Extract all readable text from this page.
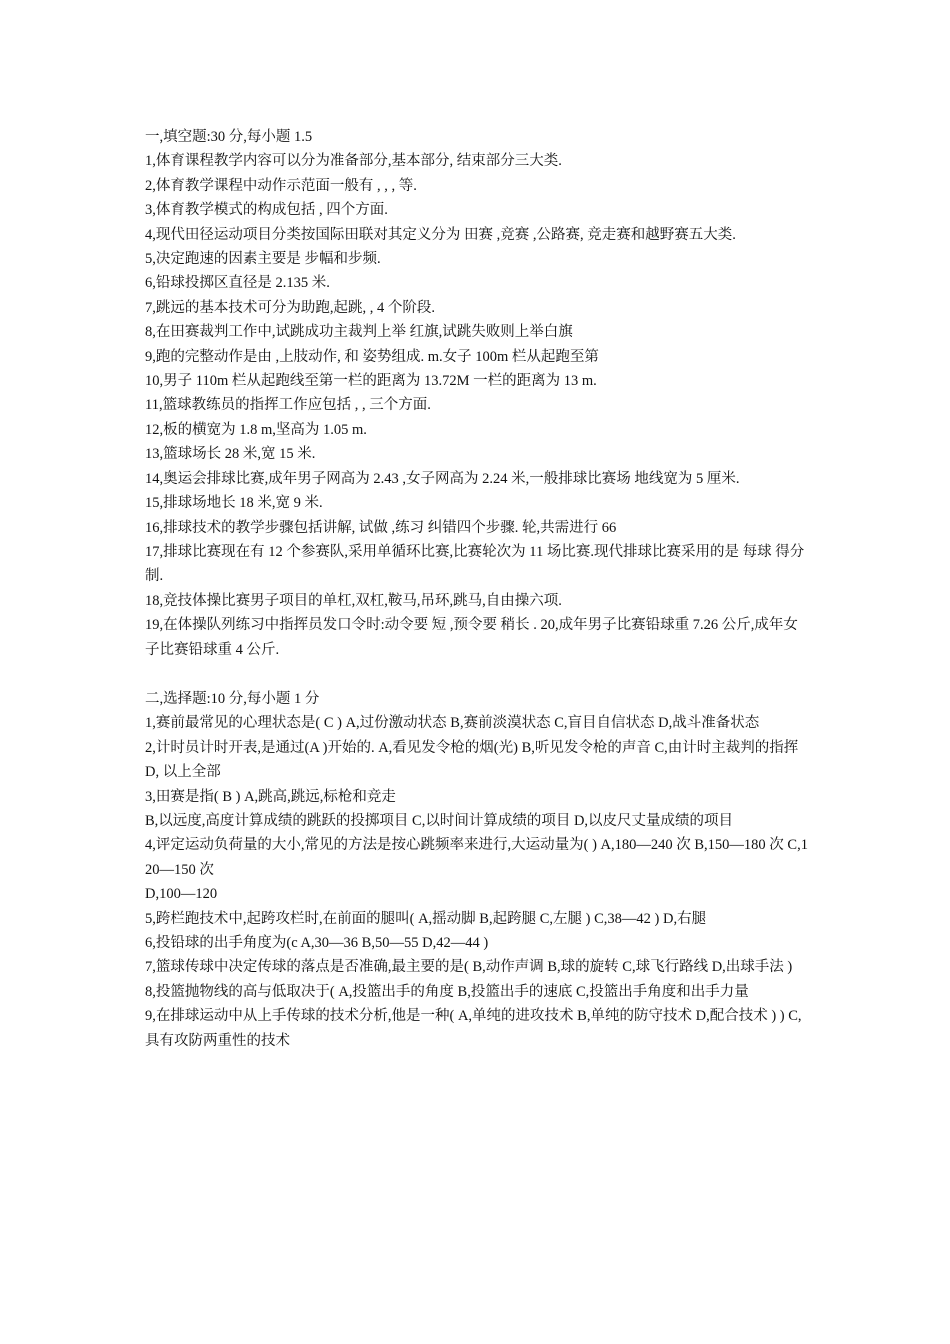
一,填空题:30 分,每小题 1.5
1,体育课程教学内容可以分为准备部分,基本部分, 结束部分三大类.
2,体育教学课程中动作示范面一般有 , , , 等.
3,体育教学模式的构成包括 , 四个方面.
4,现代田径运动项目分类按国际田联对其定义分为 田赛 ,竞赛 ,公路赛, 竞走赛和越野赛五大类.
5,决定跑速的因素主要是 步幅和步频.
6,铅球投掷区直径是 2.135 米.
7,跳远的基本技术可分为助跑,起跳, , 4 个阶段.
8,在田赛裁判工作中,试跳成功主裁判上举 红旗,试跳失败则上举白旗
9,跑的完整动作是由 ,上肢动作, 和 姿势组成. m.女子 100m 栏从起跑至第
10,男子 110m 栏从起跑线至第一栏的距离为 13.72M 一栏的距离为 13 m.
11,篮球教练员的指挥工作应包括 , , 三个方面.
12,板的横宽为 1.8 m,坚高为 1.05 m.
13,篮球场长 28 米,宽 15 米.
14,奥运会排球比赛,成年男子网高为 2.43 ,女子网高为 2.24 米,一般排球比赛场 地线宽为 5 厘米.
15,排球场地长 18 米,宽 9 米.
16,排球技术的教学步骤包括讲解, 试做 ,练习 纠错四个步骤. 轮,共需进行 66
17,排球比赛现在有 12 个参赛队,采用单循环比赛,比赛轮次为 11 场比赛.现代排球比赛采用的是 每球 得分制.
18,竞技体操比赛男子项目的单杠,双杠,鞍马,吊环,跳马,自由操六项.
19,在体操队列练习中指挥员发口令时:动令要 短 ,预令要 稍长 . 20,成年男子比赛铅球重 7.26 公斤,成年女子比赛铅球重 4 公斤.
二,选择题:10 分,每小题 1 分
1,赛前最常见的心理状态是( C ) A,过份激动状态 B,赛前淡漠状态 C,盲目自信状态 D,战斗准备状态
2,计时员计时开表,是通过(A )开始的. A,看见发令枪的烟(光) B,听见发令枪的声音 C,由计时主裁判的指挥 D, 以上全部
3,田赛是指( B ) A,跳高,跳远,标枪和竞走
B,以远度,高度计算成绩的跳跃的投掷项目 C,以时间计算成绩的项目 D,以皮尺丈量成绩的项目
4,评定运动负荷量的大小,常见的方法是按心跳频率来进行,大运动量为( ) A,180—240 次 B,150—180 次 C,120—150 次
D,100—120
5,跨栏跑技术中,起跨攻栏时,在前面的腿叫( A,摇动脚 B,起跨腿 C,左腿 ) C,38—42 ) D,右腿
6,投铅球的出手角度为(c A,30—36 B,50—55 D,42—44 )
7,篮球传球中决定传球的落点是否准确,最主要的是( B,动作声调 B,球的旋转 C,球飞行路线 D,出球手法 )
8,投篮抛物线的高与低取决于( A,投篮出手的角度 B,投篮出手的速底 C,投篮出手角度和出手力量
9,在排球运动中从上手传球的技术分析,他是一种( A,单纯的进攻技术 B,单纯的防守技术 D,配合技术 ) ) C,具有攻防两重性的技术
